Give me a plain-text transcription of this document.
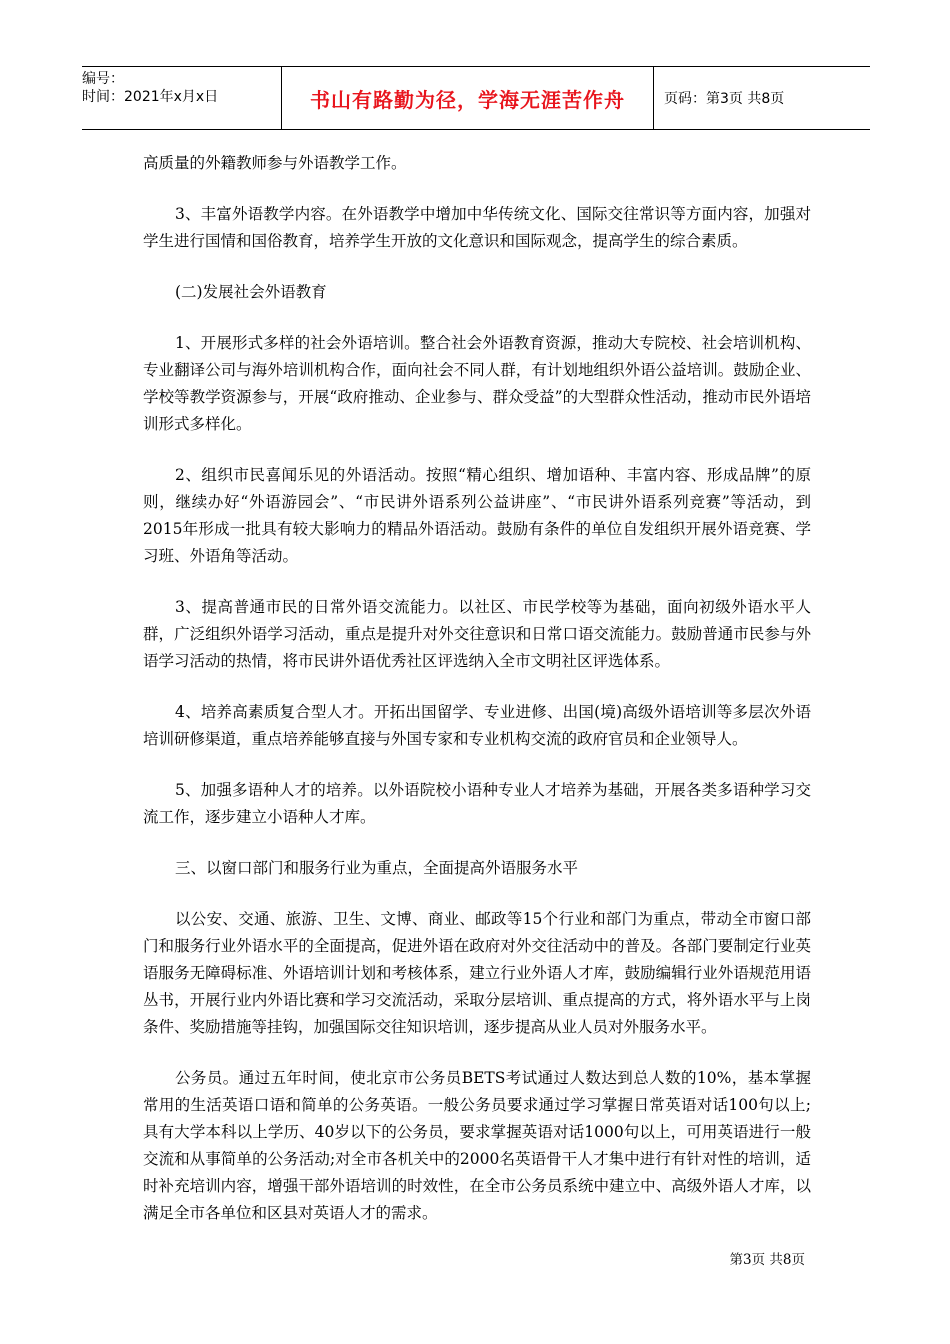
编号：
时间：2021年x月x日	书山有路勤为径，学海无涯苦作舟	页码：第3页 共8页

高质量的外籍教师参与外语教学工作。

3、丰富外语教学内容。在外语教学中增加中华传统文化、国际交往常识等方面内容，加强对学生进行国情和国俗教育，培养学生开放的文化意识和国际观念，提高学生的综合素质。

(二)发展社会外语教育

1、开展形式多样的社会外语培训。整合社会外语教育资源，推动大专院校、社会培训机构、专业翻译公司与海外培训机构合作，面向社会不同人群，有计划地组织外语公益培训。鼓励企业、学校等教学资源参与，开展“政府推动、企业参与、群众受益”的大型群众性活动，推动市民外语培训形式多样化。

2、组织市民喜闻乐见的外语活动。按照“精心组织、增加语种、丰富内容、形成品牌”的原则，继续办好“外语游园会”、“市民讲外语系列公益讲座”、“市民讲外语系列竞赛”等活动，到2015年形成一批具有较大影响力的精品外语活动。鼓励有条件的单位自发组织开展外语竞赛、学习班、外语角等活动。

3、提高普通市民的日常外语交流能力。以社区、市民学校等为基础，面向初级外语水平人群，广泛组织外语学习活动，重点是提升对外交往意识和日常口语交流能力。鼓励普通市民参与外语学习活动的热情，将市民讲外语优秀社区评选纳入全市文明社区评选体系。

4、培养高素质复合型人才。开拓出国留学、专业进修、出国(境)高级外语培训等多层次外语培训研修渠道，重点培养能够直接与外国专家和专业机构交流的政府官员和企业领导人。

5、加强多语种人才的培养。以外语院校小语种专业人才培养为基础，开展各类多语种学习交流工作，逐步建立小语种人才库。

三、以窗口部门和服务行业为重点，全面提高外语服务水平

以公安、交通、旅游、卫生、文博、商业、邮政等15个行业和部门为重点，带动全市窗口部门和服务行业外语水平的全面提高，促进外语在政府对外交往活动中的普及。各部门要制定行业英语服务无障碍标准、外语培训计划和考核体系，建立行业外语人才库，鼓励编辑行业外语规范用语丛书，开展行业内外语比赛和学习交流活动，采取分层培训、重点提高的方式，将外语水平与上岗条件、奖励措施等挂钩，加强国际交往知识培训，逐步提高从业人员对外服务水平。

公务员。通过五年时间，使北京市公务员BETS考试通过人数达到总人数的10%，基本掌握常用的生活英语口语和简单的公务英语。一般公务员要求通过学习掌握日常英语对话100句以上;具有大学本科以上学历、40岁以下的公务员，要求掌握英语对话1000句以上，可用英语进行一般交流和从事简单的公务活动;对全市各机关中的2000名英语骨干人才集中进行有针对性的培训，适时补充培训内容，增强干部外语培训的时效性，在全市公务员系统中建立中、高级外语人才库，以满足全市各单位和区县对英语人才的需求。

第3页 共8页
